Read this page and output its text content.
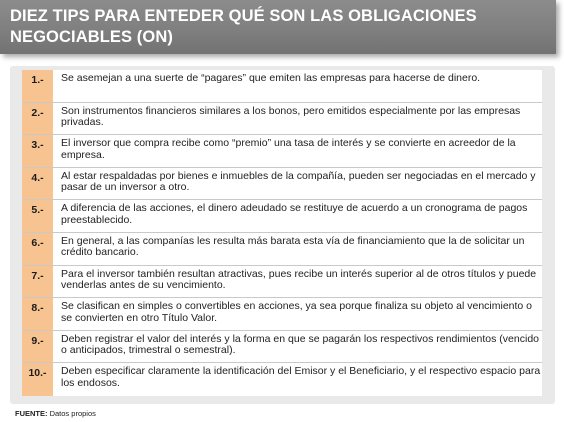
DIEZ TIPS PARA ENTEDER QUÉ SON LAS OBLIGACIONES NEGOCIABLES (ON)
1.-	Se asemejan a una suerte de “pagares” que emiten las empresas para hacerse de dinero.
2.-	Son instrumentos financieros similares a los bonos, pero emitidos especialmente por las empresas privadas.
3.-	El inversor que compra recibe como “premio” una tasa de interés y se convierte en acreedor de la empresa.
4.-	Al estar respaldadas por bienes e inmuebles de la compañía, pueden ser negociadas en el mercado y pasar de un inversor a otro.
5.-	A diferencia de las acciones, el dinero adeudado se restituye de acuerdo a un cronograma de pagos preestablecido.
6.-	En general, a las companías les resulta más barata esta vía de financiamiento que la de solicitar un crédito bancario.
7.-	Para el inversor también resultan atractivas, pues recibe un interés superior al de otros títulos y puede venderlas antes de su vencimiento.
8.-	Se clasifican en simples o convertibles en acciones, ya sea porque finaliza su objeto al vencimiento o se convierten en otro Título Valor.
9.-	Deben registrar el valor del interés y la forma en que se pagarán los respectivos rendimientos (vencido o anticipados, trimestral o semestral).
10.-	Deben especificar claramente la identificación del Emisor y el Beneficiario, y el respectivo espacio para los endosos.
FUENTE: Datos propios
